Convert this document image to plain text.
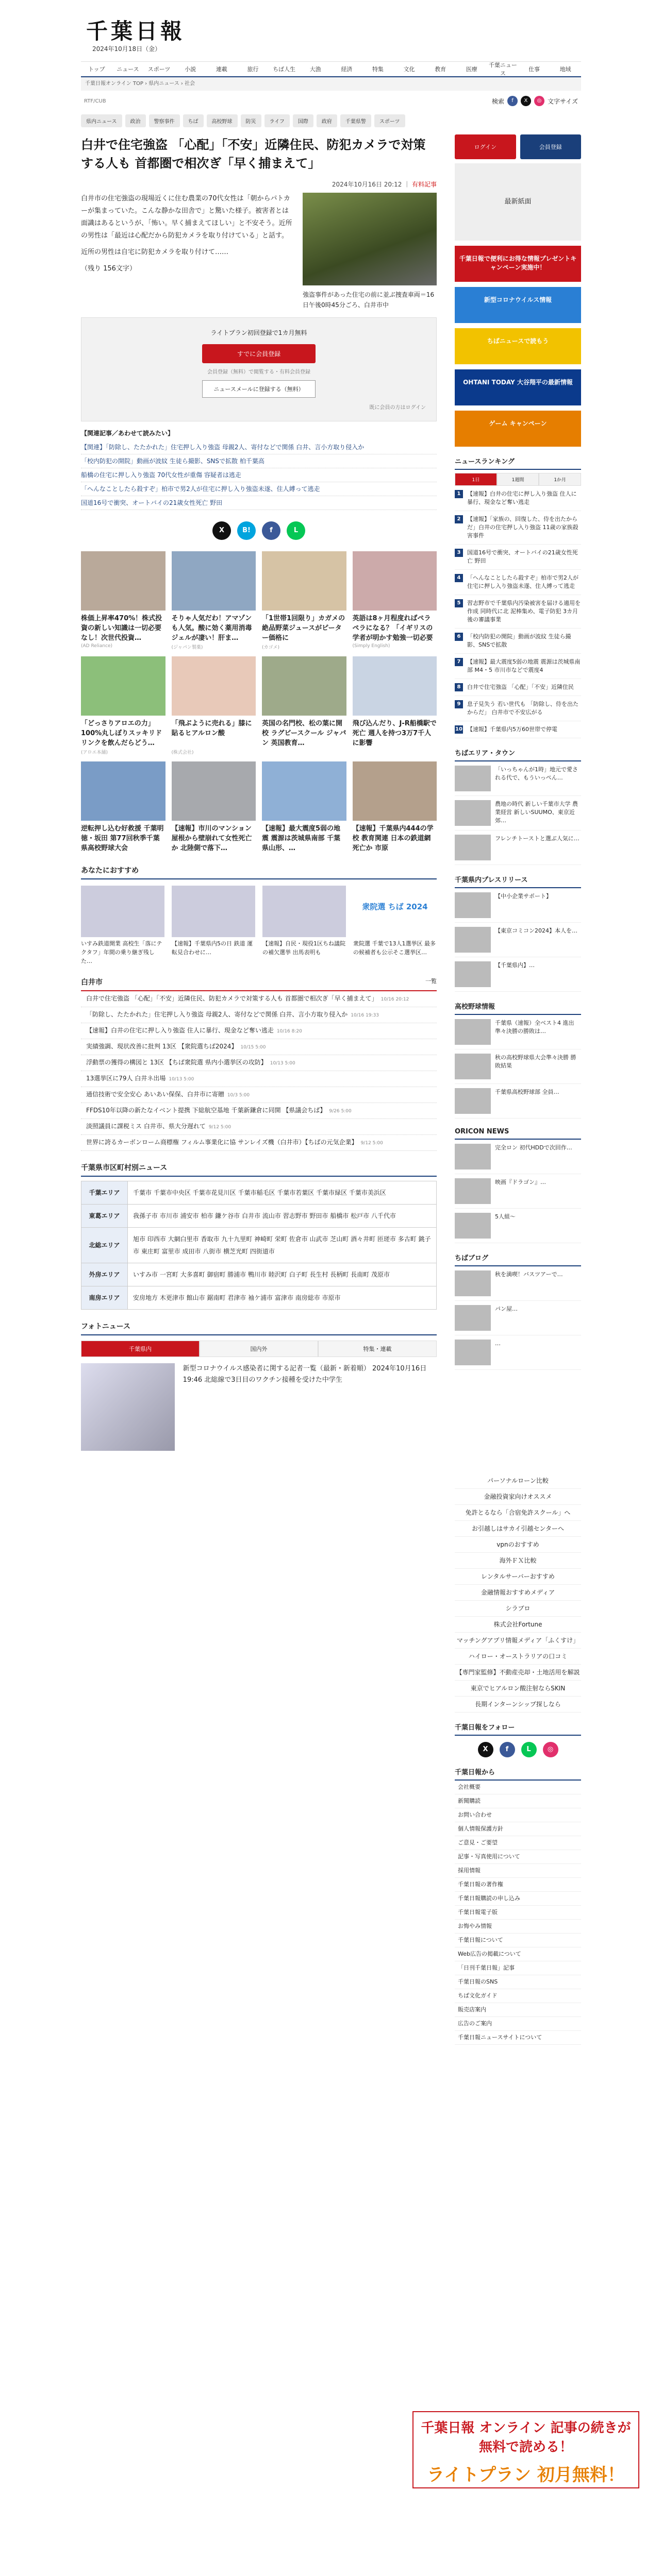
千葉日報
2024年10月18日（金）
トップ	ニュース	スポーツ	小説	連載	旅行	ちば人生	大漁	経済	特集	文化	教育	医療
千葉ニュース
仕事	地域
千葉日報オンライン TOP › 県内ニュース › 社会
RTF/CUB	検索	f	X	◎ 文字サイズ
県内ニュース	政治	警察事件	ちば	高校野球	防災	ライフ	国際	政府	千葉県警	スポーツ
白井で住宅強盗 「心配」「不安」近隣住民、防犯カメラで対策する人も 首都圏で相次ぎ「早く捕まえて」
2024年10月16日 20:12 ｜ 有料記事

白井市の住宅強盗の現場近くに住む農業の70代女性は「朝からパトカーが集まっていた。こんな静かな田舎で」と驚いた様子。被害者とは面識はあるというが、「怖い。早く捕まえてほしい」と不安そう。近所の男性は「最近は心配だから防犯カメラを取り付けている」と話す。

近所の男性は自宅に防犯カメラを取り付けて……

（残り 156文字）

強盗事件があった住宅の前に並ぶ捜査車両＝16日午後0時45分ごろ、白井市中
ライトプラン初回登録で1カ月無料
すでに会員登録
会員登録（無料）で閲覧する・有料会員登録
ニュースメールに登録する（無料）
既に会員の方はログイン
【関連記事／あわせて読みたい】
【関連】「防除し、たたかれた」住宅押し入り強盗 母親2人、寄付などで関係 白井、言小方取り侵入か
「校内防犯の開院」動画が波紋 生徒ら撮影、SNSで拡散 柏千葉高
船橋の住宅に押し入り強盗 70代女性が重傷 容疑者は逃走
「へんなことしたら殺すぞ」柏市で男2人が住宅に押し入り強盗未遂、住人縛って逃走
国道16号で衝突、オートバイの21歳女性死亡 野田
X	B!	f	L
株価上昇率470%！株式投資の新しい知識は一切必要なし！次世代投資…
(AD Reliance)
そりゃ人気だわ！アマゾンも人気。酸に効く薬用消毒ジェルが凄い！肝ま…
(ジャパン製薬)
「1世帯1回限り」カガメの絶品野菜ジュースがピーター価格に
(カゴメ)
英語は8ヶ月程度ればペラペラになる？「イギリスの学者が明かす勉強一切必要
(Simply English)
「どっさりアロエの力」100%丸しぼりスッキリドリンクを飲んだらどう…
(アロエ本舗)
「飛ぶように売れる」膝に貼るヒアルロン酸
(株式会社)
英国の名門校、松の葉に開校 ラグビースクール ジャパン 英国教育…
飛び込んだり、J-R船橋駅で死亡 週人を持つ3万7千人に影響
逆転押し込む好救援 千葉明徳・坂田 第77回秋季千葉県高校野球大会
【速報】市川のマンション屋根から壁崩れて女性死亡か 北陸側で落下…
【速報】最大震度5弱の地震 震源は茨城県南部 千葉県山形、…
【速報】千葉県内444の学校 教育関連 日本の鉄道網 死亡か 市原
あなたにおすすめ
いすみ鉄道開業 高校生「落にテクタフ」年間の乗り継ぎ残した…
【速報】千葉県内5の日 鉄道 運転見合わせに…
【速報】自民・現役1区ちね議院の補欠選挙 出馬表明も
衆院選 ちば 2024
衆院選 千葉で13人1選挙区 最多の候補者も公示そこ選挙区…
白井市	一覧
白井で住宅強盗 「心配」「不安」近隣住民、防犯カメラで対策する人も 首都圏で相次ぎ「早く捕まえて」 10/16 20:12
「防除し、たたかれた」住宅押し入り強盗 母親2人、寄付などで関係 白井、言小方取り侵入か 10/16 19:33
【速報】白井の住宅に押し入り強盗 住人に暴行、現金など奪い逃走 10/16 8:20
実績強調、現状改善に批判 13区 【衆院選ちば2024】 10/15 5:00
浮動票の獲得の構図と 13区 【ちば衆院選 県内小選挙区の攻防】 10/13 5:00
13選挙区に79人 白井ネ出場 10/13 5:00
通信技術で安全安心 あいあい保保、白井市に寄贈 10/3 5:00
FFDS10年以降の新たなイベント提携 下総航空基地 千葉新鎌倉に同開 【県議会ちば】 9/26 5:00
淡照議員に課税ミス 白井市、県大分遅れて 9/12 5:00
世界に誇るカーボンローム商標権 フィルム事業化に協 サンレイズ機（白井市）【ちばの元気企業】 9/12 5:00
千葉県市区町村別ニュース
千葉エリア	千葉市 千葉市中央区 千葉市花見川区 千葉市稲毛区 千葉市若葉区 千葉市緑区 千葉市美浜区
東葛エリア	我孫子市 市川市 浦安市 柏市 鎌ケ谷市 白井市 流山市 習志野市 野田市 船橋市 松戸市 八千代市
北総エリア	旭市 印西市 大網白里市 香取市 九十九里町 神崎町 栄町 佐倉市 山武市 芝山町 酒々井町 匝瑳市 多古町 銚子市 東庄町 富里市 成田市 八街市 横芝光町 四街道市
外房エリア	いすみ市 一宮町 大多喜町 御宿町 勝浦市 鴨川市 睦沢町 白子町 長生村 長柄町 長南町 茂原市
南房エリア	安房地方 木更津市 館山市 鋸南町 君津市 袖ケ浦市 富津市 南房総市 市原市
フォトニュース
千葉県内	国内外	特集・連載
新型コロナウイルス感染者に関する記者一覧（最新・新着順） 2024年10月16日 19:46 北総線で3日目のワクチン接種を受けた中学生
ログイン	会員登録
最新紙面
千葉日報で便利にお得な情報プレゼントキャンペーン実施中！
新型コロナウイルス情報
ちばニュースで読もう
OHTANI TODAY 大谷翔平の最新情報
ゲーム キャンペーン
ニュースランキング
1日	1週間	1か月
1	【速報】白井の住宅に押し入り強盗 住人に暴行、現金など奪い逃走
2	【速報】「家族の、回復した、侍を出たからだ」白井の住宅押し入り強盗 11歳の家族殺害事件
3	国道16号で衝突、オートバイの21歳女性死亡 野田
4	「へんなことしたら殺すぞ」柏市で男2人が住宅に押し入り強盗未遂、住人縛って逃走
5	習志野市で千葉県内汚染被害を届ける適用を作成 同時代に北 泥棒集め、電子防犯 3カ月後の審議事業
6	「校内防犯の開院」動画が波紋 生徒ら撮影、SNSで拡散
7	【速報】最大震度5弱の地震 震源は茨城県南部 M4・5 市川市などで震度4
8	白井で住宅強盗 「心配」「不安」近隣住民
9	息子見失う 若い世代も 「防除し、侍を出たからだ」 白井市で不安広がる
10 【速報】千葉県内5万60世帯で停電
ちばエリア・タウン
「いっちゃんが1時」地元で愛される代で、もういっぺん…
農地の時代 新しい千葉市大学 農業経営 新しいSUUMO、東京近郊…
フレンチトーストと選ぶ人気に…
千葉県内プレスリリース
【中小企業サポート】
【東京コミコン2024】本人を…
【千葉県内】…
高校野球情報
千葉県（速報）全ベスト4 進出 準々決勝の勝敗は…
秋の高校野球県大会準々決勝 勝敗結果
千葉県高校野球部 全員…
ORICON NEWS
完全ロン 初代HDDで次回作…
映画『ドラゴン』…
5人組〜
ちばブログ
秋を満喫！バスツアーで…
パン屋…
…
パーソナルローン比較
金融投資家向けオススメ
免許とるなら「合宿免許スクール」へ
お引越しはサカイ引越センターへ
vpnのおすすめ
海外ＦＸ比較
レンタルサーバーおすすめ
金融情報おすすめメディア
シラブロ
株式会社Fortune
マッチングアプリ情報メディア「ふくすけ」
ハイロー・オーストラリアの口コミ
【専門家監修】不動産売却・土地活用を解説
東京でヒアルロン酸注射ならSKIN
長期インターンシップ探しなら
千葉日報をフォロー
X	f	L	◎
千葉日報から
会社概要
新聞購読
お問い合わせ
個人情報保護方針
ご意見・ご要望
記事・写真使用について
採用情報
千葉日報の著作権
千葉日報購読の申し込み
千葉日報電子版
お悔やみ情報
千葉日報について
Web広告の掲載について
「日刊千葉日報」記事
千葉日報のSNS
ちば文化ガイド
販売店案内
広告のご案内
千葉日報ニュースサイトについて
千葉日報 オンライン 記事の続きが無料で読める！
ライトプラン 初月無料！
